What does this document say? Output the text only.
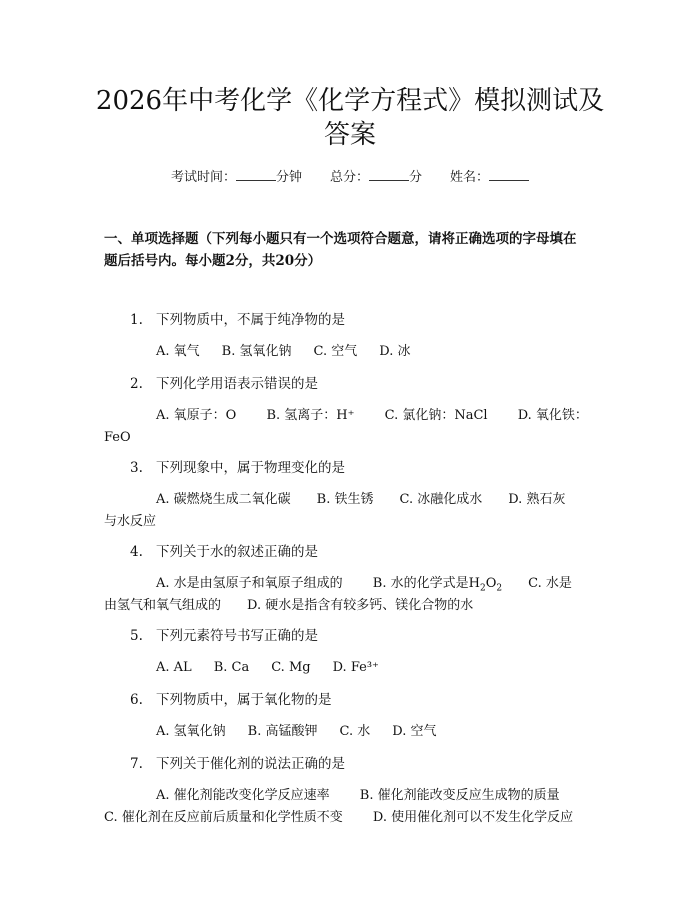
2026年中考化学《化学方程式》模拟测试及
答案
考试时间：	分钟 总分：	分 姓名：
一、单项选择题（下列每小题只有一个选项符合题意，请将正确选项的字母填在
题后括号内。每小题2分，共20分）
1. 下列物质中，不属于纯净物的是
A. 氧气 B. 氢氧化钠 C. 空气 D. 冰
2. 下列化学用语表示错误的是
A. 氧原子：O　　 B. 氢离子：H⁺　　 C. 氯化钠：NaCl　　 D. 氧化铁：
FeO
3. 下列现象中，属于物理变化的是
A. 碳燃烧生成二氧化碳　　B. 铁生锈　　C. 冰融化成水　　D. 熟石灰
与水反应
4. 下列关于水的叙述正确的是
A. 水是由氢原子和氧原子组成的　　 B. 水的化学式是$H_2O_2$　　C. 水是
由氢气和氧气组成的　　D. 硬水是指含有较多钙、镁化合物的水
5. 下列元素符号书写正确的是
A. AL B. Ca C. Mg D. Fe³⁺
6. 下列物质中，属于氧化物的是
A. 氢氧化钠 B. 高锰酸钾 C. 水 D. 空气
7. 下列关于催化剂的说法正确的是
A. 催化剂能改变化学反应速率　　 B. 催化剂能改变反应生成物的质量
C. 催化剂在反应前后质量和化学性质不变　　 D. 使用催化剂可以不发生化学反应
